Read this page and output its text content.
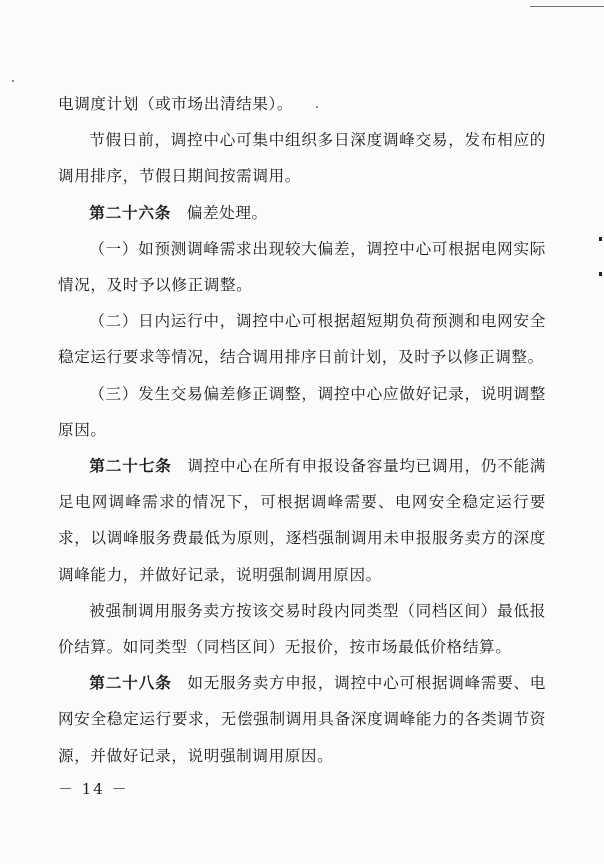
电调度计划（或市场出清结果）。

节假日前，调控中心可集中组织多日深度调峰交易，发布相应的调用排序，节假日期间按需调用。

第二十六条 偏差处理。

（一）如预测调峰需求出现较大偏差，调控中心可根据电网实际情况，及时予以修正调整。

（二）日内运行中，调控中心可根据超短期负荷预测和电网安全稳定运行要求等情况，结合调用排序日前计划，及时予以修正调整。

（三）发生交易偏差修正调整，调控中心应做好记录，说明调整原因。

第二十七条 调控中心在所有申报设备容量均已调用，仍不能满足电网调峰需求的情况下，可根据调峰需要、电网安全稳定运行要求，以调峰服务费最低为原则，逐档强制调用未申报服务卖方的深度调峰能力，并做好记录，说明强制调用原因。

被强制调用服务卖方按该交易时段内同类型（同档区间）最低报价结算。如同类型（同档区间）无报价，按市场最低价格结算。

第二十八条 如无服务卖方申报，调控中心可根据调峰需要、电网安全稳定运行要求，无偿强制调用具备深度调峰能力的各类调节资源，并做好记录，说明强制调用原因。

－ 14 －
